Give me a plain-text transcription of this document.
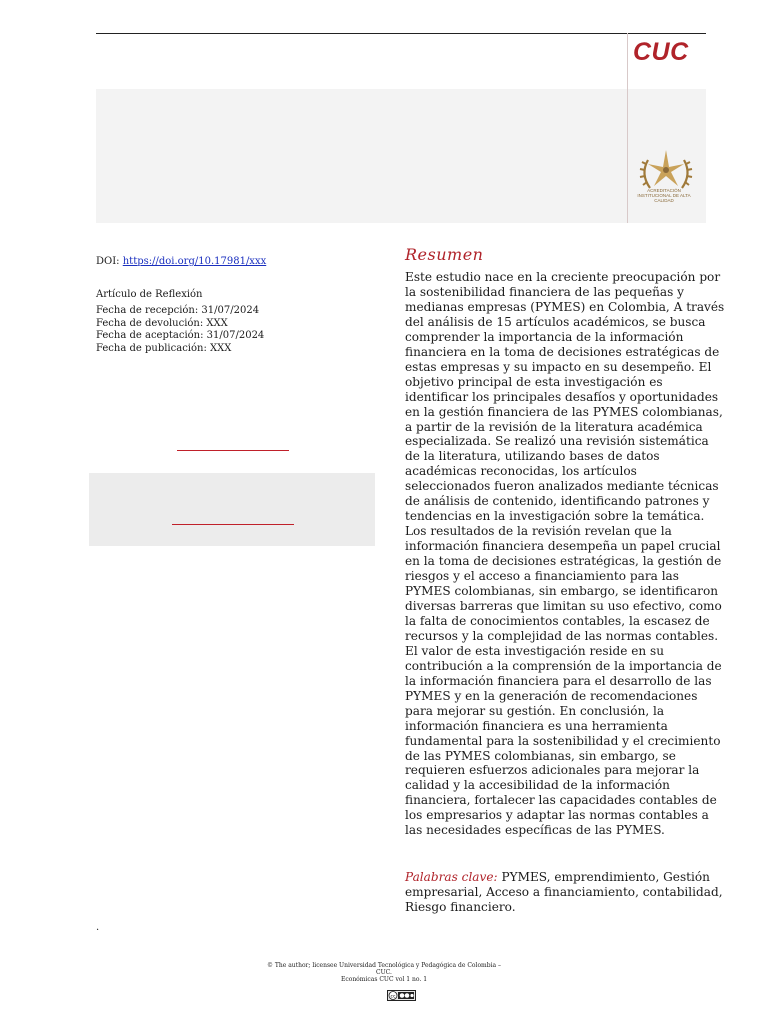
CUC
ACREDITACIÓN INSTITUCIONAL DE ALTA CALIDAD
DOI: https://doi.org/10.17981/xxx
Artículo de Reflexión
Fecha de recepción: 31/07/2024
Fecha de devolución: XXX
Fecha de aceptación: 31/07/2024
Fecha de publicación: XXX
.
Resumen
Este estudio nace en la creciente preocupación por la sostenibilidad financiera de las pequeñas y medianas empresas (PYMES) en Colombia, A través del análisis de 15 artículos académicos, se busca comprender la importancia de la información financiera en la toma de decisiones estratégicas de estas empresas y su impacto en su desempeño. El objetivo principal de esta investigación es identificar los principales desafíos y oportunidades en la gestión financiera de las PYMES colombianas, a partir de la revisión de la literatura académica especializada. Se realizó una revisión sistemática de la literatura, utilizando bases de datos académicas reconocidas, los artículos seleccionados fueron analizados mediante técnicas de análisis de contenido, identificando patrones y tendencias en la investigación sobre la temática. Los resultados de la revisión revelan que la información financiera desempeña un papel crucial en la toma de decisiones estratégicas, la gestión de riesgos y el acceso a financiamiento para las PYMES colombianas, sin embargo, se identificaron diversas barreras que limitan su uso efectivo, como la falta de conocimientos contables, la escasez de recursos y la complejidad de las normas contables. El valor de esta investigación reside en su contribución a la comprensión de la importancia de la información financiera para el desarrollo de las PYMES y en la generación de recomendaciones para mejorar su gestión. En conclusión, la información financiera es una herramienta fundamental para la sostenibilidad y el crecimiento de las PYMES colombianas, sin embargo, se requieren esfuerzos adicionales para mejorar la calidad y la accesibilidad de la información financiera, fortalecer las capacidades contables de los empresarios y adaptar las normas contables a las necesidades específicas de las PYMES.
Palabras clave: PYMES, emprendimiento, Gestión empresarial, Acceso a financiamiento, contabilidad, Riesgo financiero.
© The author; licensee Universidad Tecnológica y Pedagógica de Colombia –
CUC.
Económicas CUC vol 1 no. 1
cc
